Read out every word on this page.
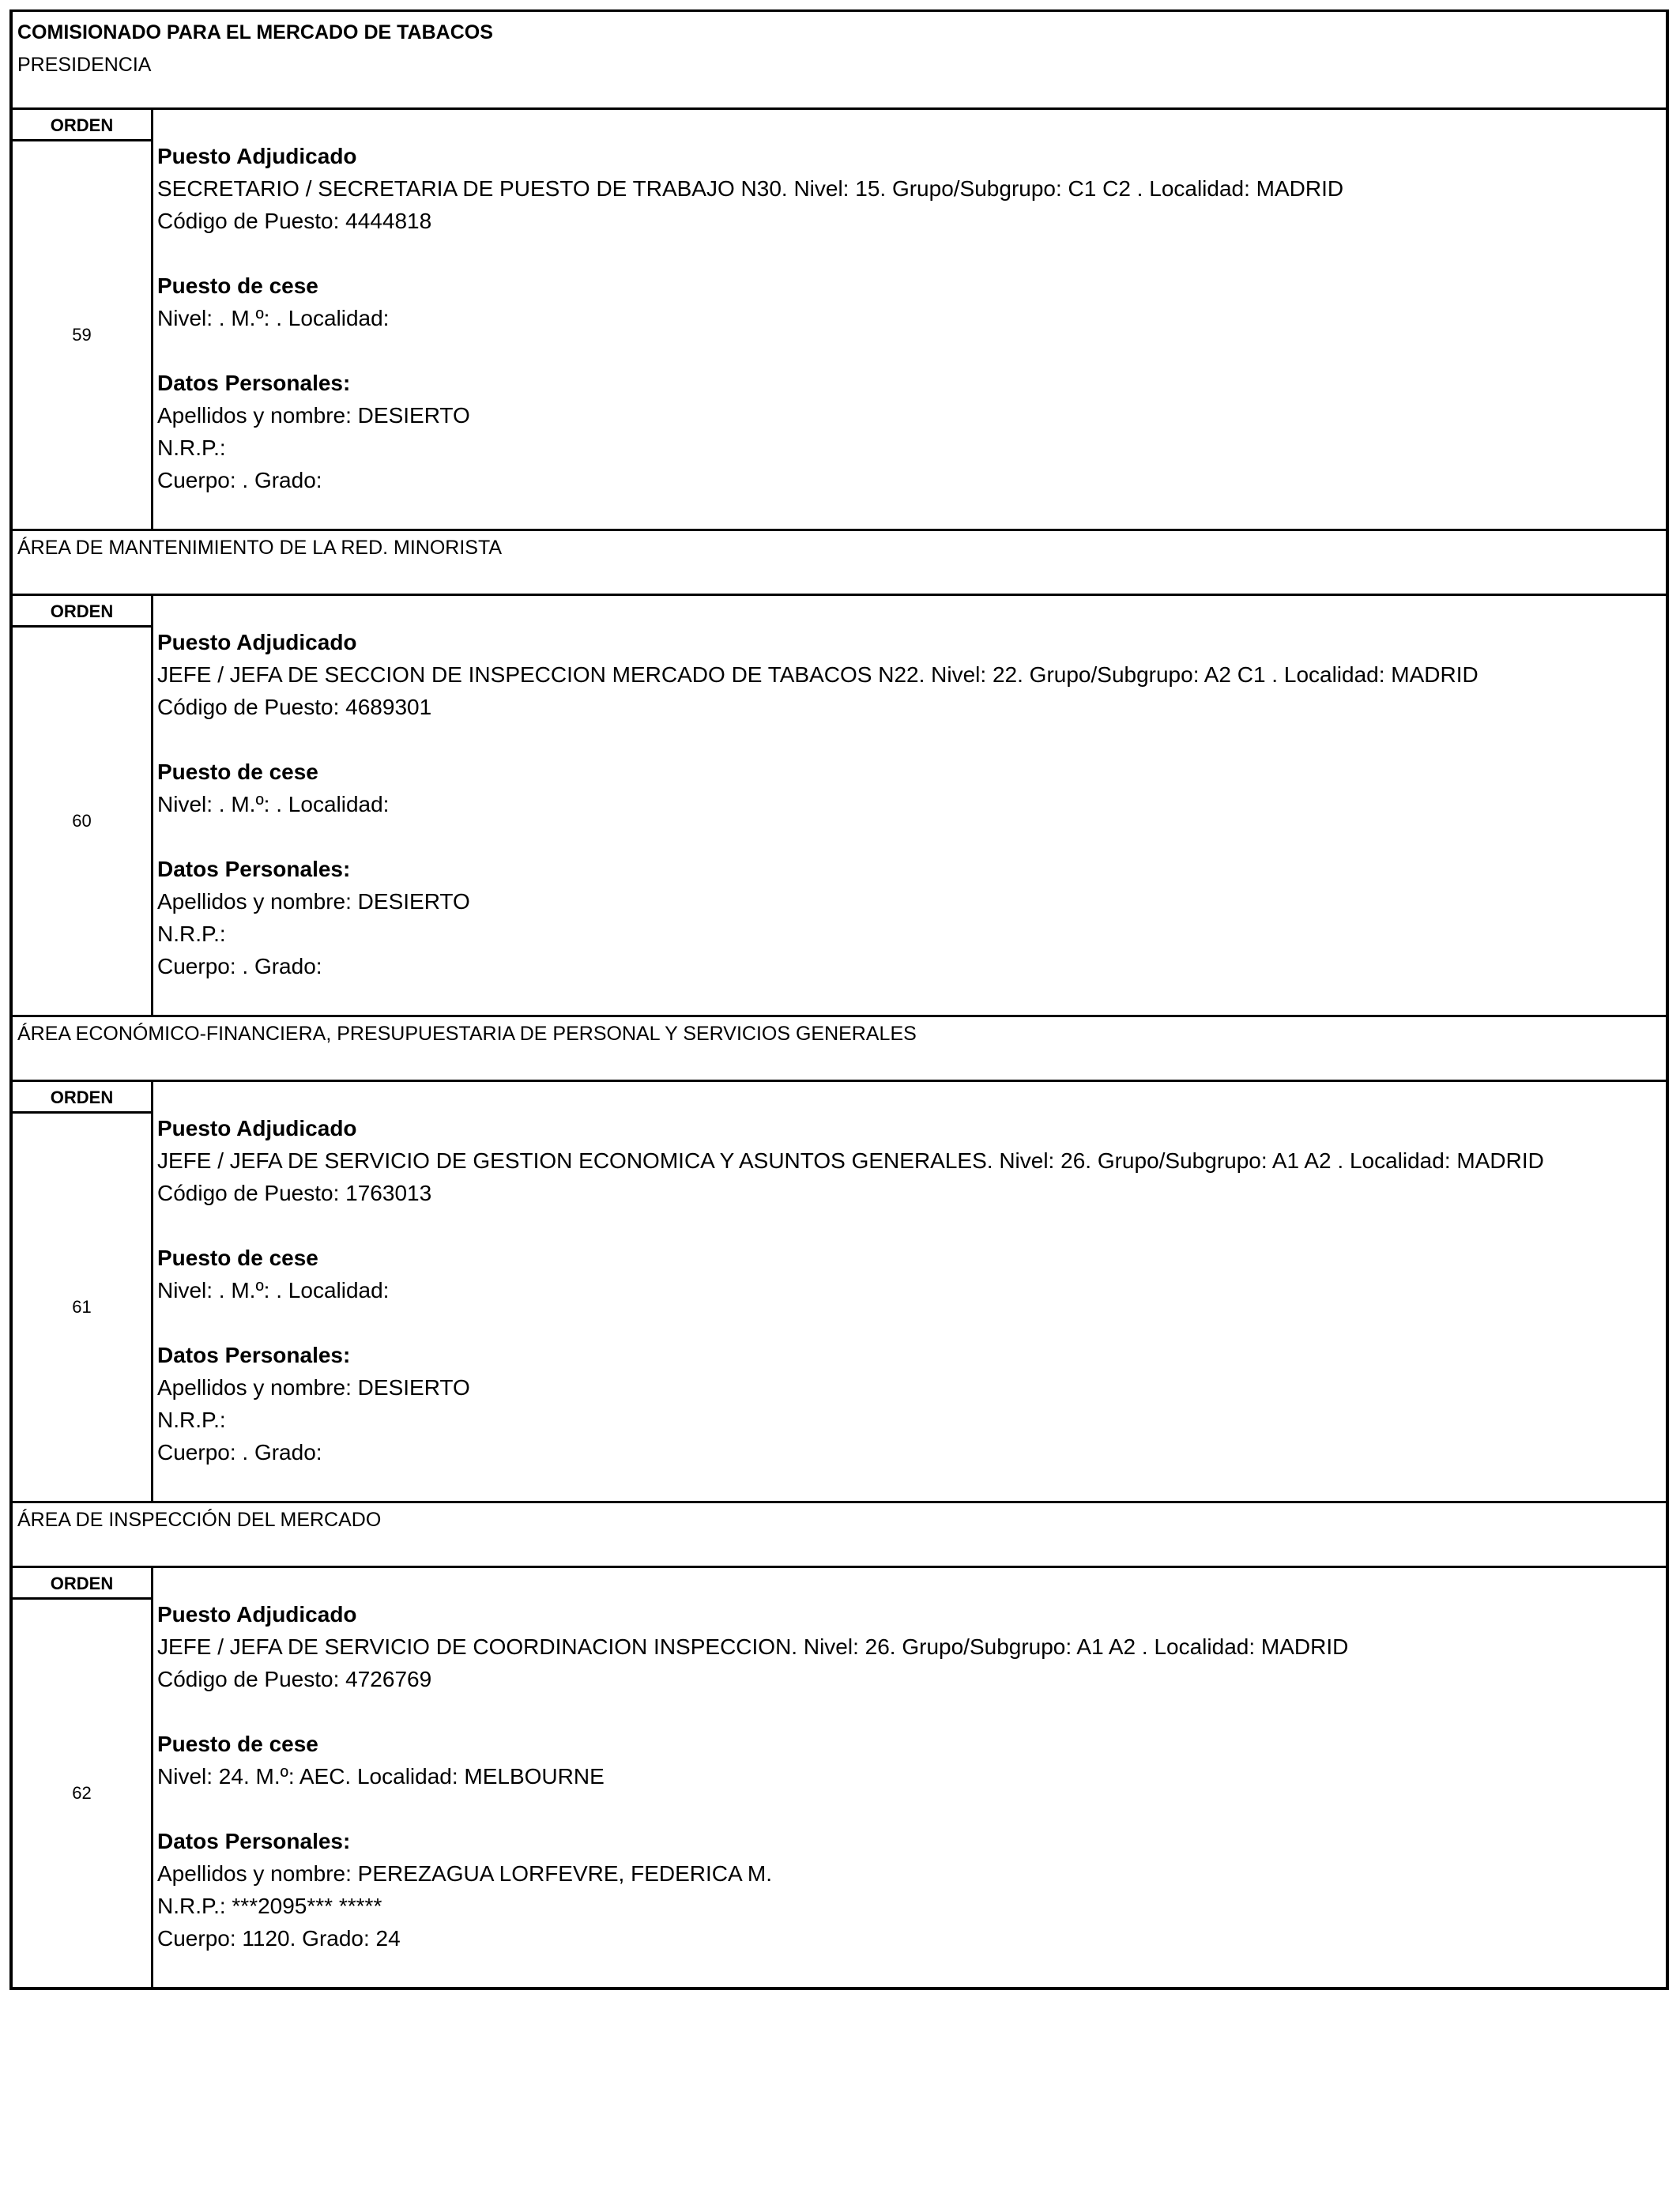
COMISIONADO PARA EL MERCADO DE TABACOS
PRESIDENCIA
ORDEN
59
Puesto Adjudicado
SECRETARIO / SECRETARIA DE PUESTO DE TRABAJO N30. Nivel: 15. Grupo/Subgrupo: C1 C2 . Localidad: MADRID
Código de Puesto: 4444818
Puesto de cese
Nivel: . M.º: . Localidad:
Datos Personales:
Apellidos y nombre: DESIERTO
N.R.P.:
Cuerpo: . Grado:
ÁREA DE MANTENIMIENTO DE LA RED. MINORISTA
ORDEN
60
Puesto Adjudicado
JEFE / JEFA DE SECCION DE INSPECCION MERCADO DE TABACOS N22. Nivel: 22. Grupo/Subgrupo: A2 C1 . Localidad: MADRID
Código de Puesto: 4689301
Puesto de cese
Nivel: . M.º: . Localidad:
Datos Personales:
Apellidos y nombre: DESIERTO
N.R.P.:
Cuerpo: . Grado:
ÁREA ECONÓMICO-FINANCIERA, PRESUPUESTARIA DE PERSONAL Y SERVICIOS GENERALES
ORDEN
61
Puesto Adjudicado
JEFE / JEFA DE SERVICIO DE GESTION ECONOMICA Y ASUNTOS GENERALES. Nivel: 26. Grupo/Subgrupo: A1 A2 . Localidad: MADRID
Código de Puesto: 1763013
Puesto de cese
Nivel: . M.º: . Localidad:
Datos Personales:
Apellidos y nombre: DESIERTO
N.R.P.:
Cuerpo: . Grado:
ÁREA DE INSPECCIÓN DEL MERCADO
ORDEN
62
Puesto Adjudicado
JEFE / JEFA DE SERVICIO DE COORDINACION INSPECCION. Nivel: 26. Grupo/Subgrupo: A1 A2 . Localidad: MADRID
Código de Puesto: 4726769
Puesto de cese
Nivel: 24. M.º: AEC. Localidad: MELBOURNE
Datos Personales:
Apellidos y nombre: PEREZAGUA LORFEVRE, FEDERICA M.
N.R.P.: ***2095*** *****
Cuerpo: 1120. Grado: 24
